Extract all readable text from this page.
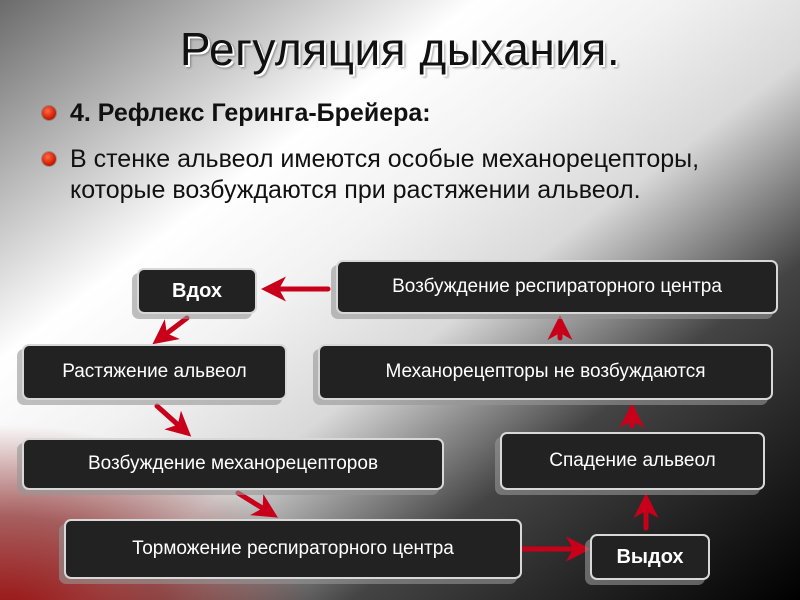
Регуляция дыхания.
4. Рефлекс Геринга-Брейера:
В стенке альвеол имеются особые механорецепторы, которые возбуждаются при растяжении альвеол.
Вдох	Возбуждение респираторного центра
Растяжение альвеол	Механорецепторы не возбуждаются
Возбуждение механорецепторов	Спадение альвеол
Торможение респираторного центра	Выдох
